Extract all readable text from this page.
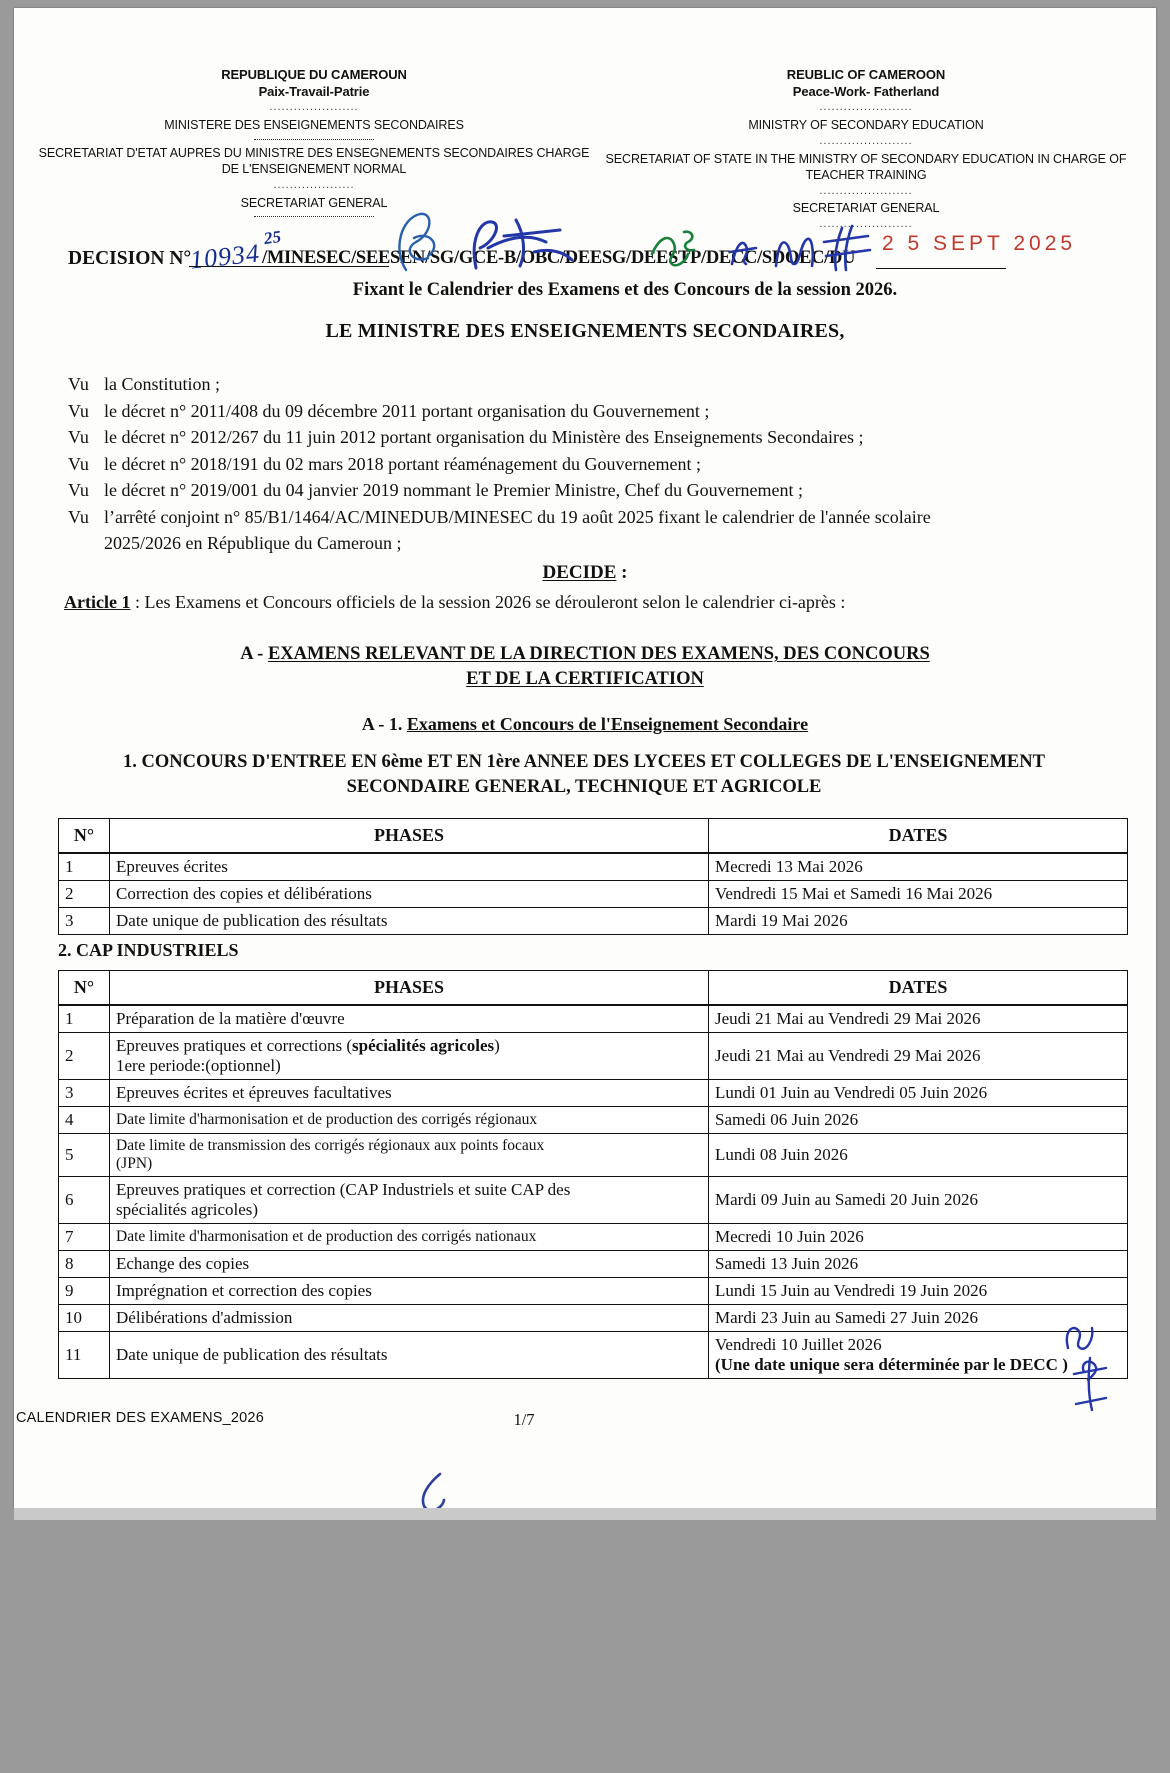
REPUBLIQUE DU CAMEROUN
Paix-Travail-Patrie
......................
MINISTERE DES ENSEIGNEMENTS SECONDAIRES
SECRETARIAT D'ETAT AUPRES DU MINISTRE DES ENSEGNEMENTS SECONDAIRES CHARGE DE L'ENSEIGNEMENT NORMAL
....................
SECRETARIAT GENERAL
REUBLIC OF CAMEROON
Peace-Work- Fatherland
.......................
MINISTRY OF SECONDARY EDUCATION
.......................
SECRETARIAT OF STATE IN THE MINISTRY OF SECONDARY EDUCATION IN CHARGE OF TEACHER TRAINING
.......................
SECRETARIAT GENERAL
.......................
DECISION N°
10934
25
/MINESEC/SEESEN/SG/GCE-B/OBC/DEESG/DEESTP/DECC/SDOEC/DU
2 5 SEPT 2025
Fixant le Calendrier des Examens et des Concours de la session 2026.
LE MINISTRE DES ENSEIGNEMENTS SECONDAIRES,
Vu la Constitution ;
Vu le décret n° 2011/408 du 09 décembre 2011 portant organisation du Gouvernement ;
Vu le décret n° 2012/267 du 11 juin 2012 portant organisation du Ministère des Enseignements Secondaires ;
Vu le décret n° 2018/191 du 02 mars 2018 portant réaménagement du Gouvernement ;
Vu le décret n° 2019/001 du 04 janvier 2019 nommant le Premier Ministre, Chef du Gouvernement ;
Vu l’arrêté conjoint n° 85/B1/1464/AC/MINEDUB/MINESEC du 19 août 2025 fixant le calendrier de l'année scolaire
2025/2026 en République du Cameroun ;
DECIDE :
Article 1 : Les Examens et Concours officiels de la session 2026 se dérouleront selon le calendrier ci-après :
A - EXAMENS RELEVANT DE LA DIRECTION DES EXAMENS, DES CONCOURS
ET DE LA CERTIFICATION
A - 1. Examens et Concours de l'Enseignement Secondaire
1. CONCOURS D'ENTREE EN 6ème ET EN 1ère ANNEE DES LYCEES ET COLLEGES DE L'ENSEIGNEMENT
SECONDAIRE GENERAL, TECHNIQUE ET AGRICOLE
N°	PHASES	DATES
1	Epreuves écrites	Mecredi 13 Mai 2026
2	Correction des copies et délibérations	Vendredi 15 Mai et Samedi 16 Mai 2026
3	Date unique de publication des résultats	Mardi 19 Mai 2026
2. CAP INDUSTRIELS
N°	PHASES	DATES
1	Préparation de la matière d'œuvre	Jeudi 21 Mai au Vendredi 29 Mai 2026
2	Epreuves pratiques et corrections (spécialités agricoles)
1ere periode:(optionnel)	Jeudi 21 Mai au Vendredi 29 Mai 2026
3	Epreuves écrites et épreuves facultatives	Lundi 01 Juin au Vendredi 05 Juin 2026
4	Date limite d'harmonisation et de production des corrigés régionaux	Samedi 06 Juin 2026
5	Date limite de transmission des corrigés régionaux aux points focaux
(JPN)	Lundi 08 Juin 2026
6	Epreuves pratiques et correction (CAP Industriels et suite CAP des
spécialités agricoles)	Mardi 09 Juin au Samedi 20 Juin 2026
7	Date limite d'harmonisation et de production des corrigés nationaux	Mecredi 10 Juin 2026
8	Echange des copies	Samedi 13 Juin 2026
9	Imprégnation et correction des copies	Lundi 15 Juin au Vendredi 19 Juin 2026
10	Délibérations d'admission	Mardi 23 Juin au Samedi 27 Juin 2026
11	Date unique de publication des résultats	Vendredi 10 Juillet 2026
(Une date unique sera déterminée par le DECC )
CALENDRIER DES EXAMENS_2026	1/7
